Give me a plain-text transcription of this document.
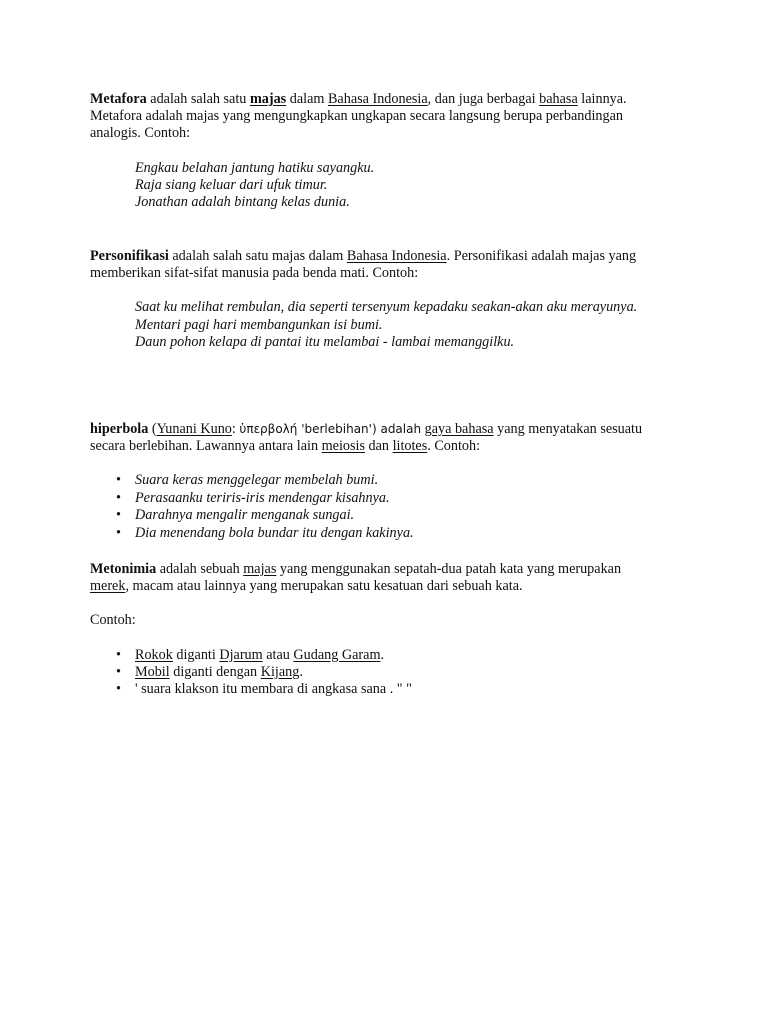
Metafora adalah salah satu majas dalam Bahasa Indonesia, dan juga berbagai bahasa lainnya.
Metafora adalah majas yang mengungkapkan ungkapan secara langsung berupa perbandingan
analogis. Contoh:

Engkau belahan jantung hatiku sayangku.
Raja siang keluar dari ufuk timur.
Jonathan adalah bintang kelas dunia.

Personifikasi adalah salah satu majas dalam Bahasa Indonesia. Personifikasi adalah majas yang
memberikan sifat-sifat manusia pada benda mati. Contoh:

Saat ku melihat rembulan, dia seperti tersenyum kepadaku seakan-akan aku merayunya.
Mentari pagi hari membangunkan isi bumi.
Daun pohon kelapa di pantai itu melambai - lambai memanggilku.

hiperbola (Yunani Kuno: ὑπερβολή 'berlebihan') adalah gaya bahasa yang menyatakan sesuatu
secara berlebihan. Lawannya antara lain meiosis dan litotes. Contoh:

• Suara keras menggelegar membelah bumi.
• Perasaanku teriris-iris mendengar kisahnya.
• Darahnya mengalir menganak sungai.
• Dia menendang bola bundar itu dengan kakinya.

Metonimia adalah sebuah majas yang menggunakan sepatah-dua patah kata yang merupakan
merek, macam atau lainnya yang merupakan satu kesatuan dari sebuah kata.

Contoh:

• Rokok diganti Djarum atau Gudang Garam.
• Mobil diganti dengan Kijang.
• ' suara klakson itu membara di angkasa sana . " "
